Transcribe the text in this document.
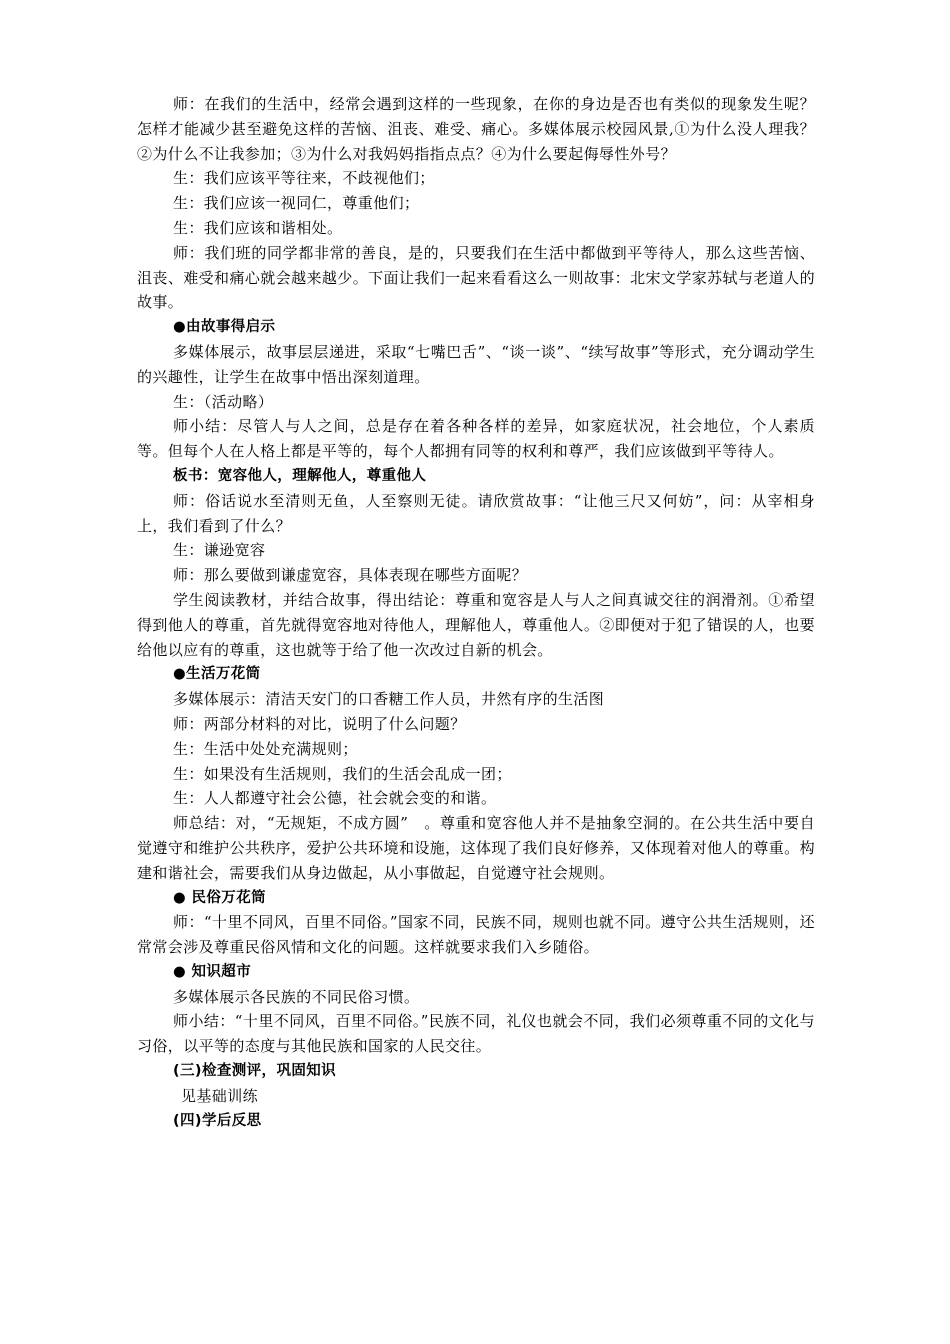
师：在我们的生活中，经常会遇到这样的一些现象，在你的身边是否也有类似的现象发生呢？怎样才能减少甚至避免这样的苦恼、沮丧、难受、痛心。多媒体展示校园风景,①为什么没人理我？②为什么不让我参加；③为什么对我妈妈指指点点？④为什么要起侮辱性外号？

生：我们应该平等往来，不歧视他们；

生：我们应该一视同仁，尊重他们；

生：我们应该和谐相处。

师：我们班的同学都非常的善良，是的，只要我们在生活中都做到平等待人，那么这些苦恼、沮丧、难受和痛心就会越来越少。下面让我们一起来看看这么一则故事：北宋文学家苏轼与老道人的故事。

●由故事得启示

多媒体展示，故事层层递进，采取“七嘴巴舌”、“谈一谈”、“续写故事”等形式，充分调动学生的兴趣性，让学生在故事中悟出深刻道理。

生：（活动略）

师小结：尽管人与人之间，总是存在着各种各样的差异，如家庭状况，社会地位，个人素质等。但每个人在人格上都是平等的，每个人都拥有同等的权利和尊严，我们应该做到平等待人。

板书：宽容他人，理解他人，尊重他人

师：俗话说水至清则无鱼，人至察则无徒。请欣赏故事：“让他三尺又何妨”，问：从宰相身上，我们看到了什么？

生：谦逊宽容

师：那么要做到谦虚宽容，具体表现在哪些方面呢？

学生阅读教材，并结合故事，得出结论：尊重和宽容是人与人之间真诚交往的润滑剂。①希望得到他人的尊重，首先就得宽容地对待他人，理解他人，尊重他人。②即便对于犯了错误的人，也要给他以应有的尊重，这也就等于给了他一次改过自新的机会。

●生活万花筒

多媒体展示：清洁天安门的口香糖工作人员，井然有序的生活图

师：两部分材料的对比，说明了什么问题？

生：生活中处处充满规则；

生：如果没有生活规则，我们的生活会乱成一团；

生：人人都遵守社会公德，社会就会变的和谐。

师总结：对，“无规矩，不成方圆”　。尊重和宽容他人并不是抽象空洞的。在公共生活中要自觉遵守和维护公共秩序，爱护公共环境和设施，这体现了我们良好修养，又体现着对他人的尊重。构建和谐社会，需要我们从身边做起，从小事做起，自觉遵守社会规则。

● 民俗万花筒

师：“十里不同风，百里不同俗。”国家不同，民族不同，规则也就不同。遵守公共生活规则，还常常会涉及尊重民俗风情和文化的问题。这样就要求我们入乡随俗。

● 知识超市

多媒体展示各民族的不同民俗习惯。

师小结：“十里不同风，百里不同俗。”民族不同，礼仪也就会不同，我们必须尊重不同的文化与习俗，以平等的态度与其他民族和国家的人民交往。

(三)检查测评，巩固知识

见基础训练

(四)学后反思
